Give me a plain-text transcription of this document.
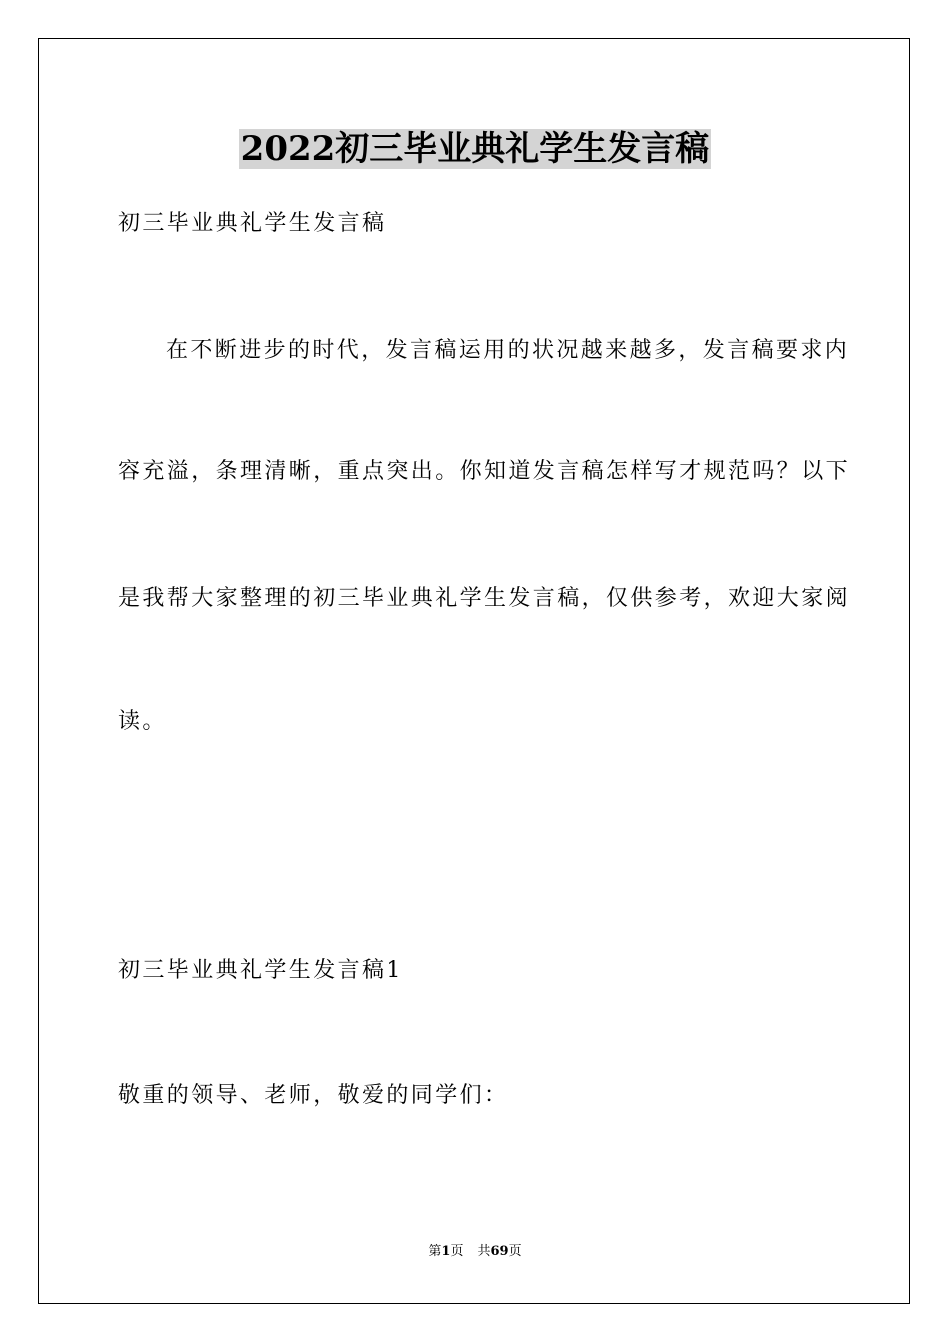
2022初三毕业典礼学生发言稿
初三毕业典礼学生发言稿
在不断进步的时代，发言稿运用的状况越来越多，发言稿要求内
容充溢，条理清晰，重点突出。你知道发言稿怎样写才规范吗？以下
是我帮大家整理的初三毕业典礼学生发言稿，仅供参考，欢迎大家阅
读。
初三毕业典礼学生发言稿1
敬重的领导、老师，敬爱的同学们：
第1页 共69页
